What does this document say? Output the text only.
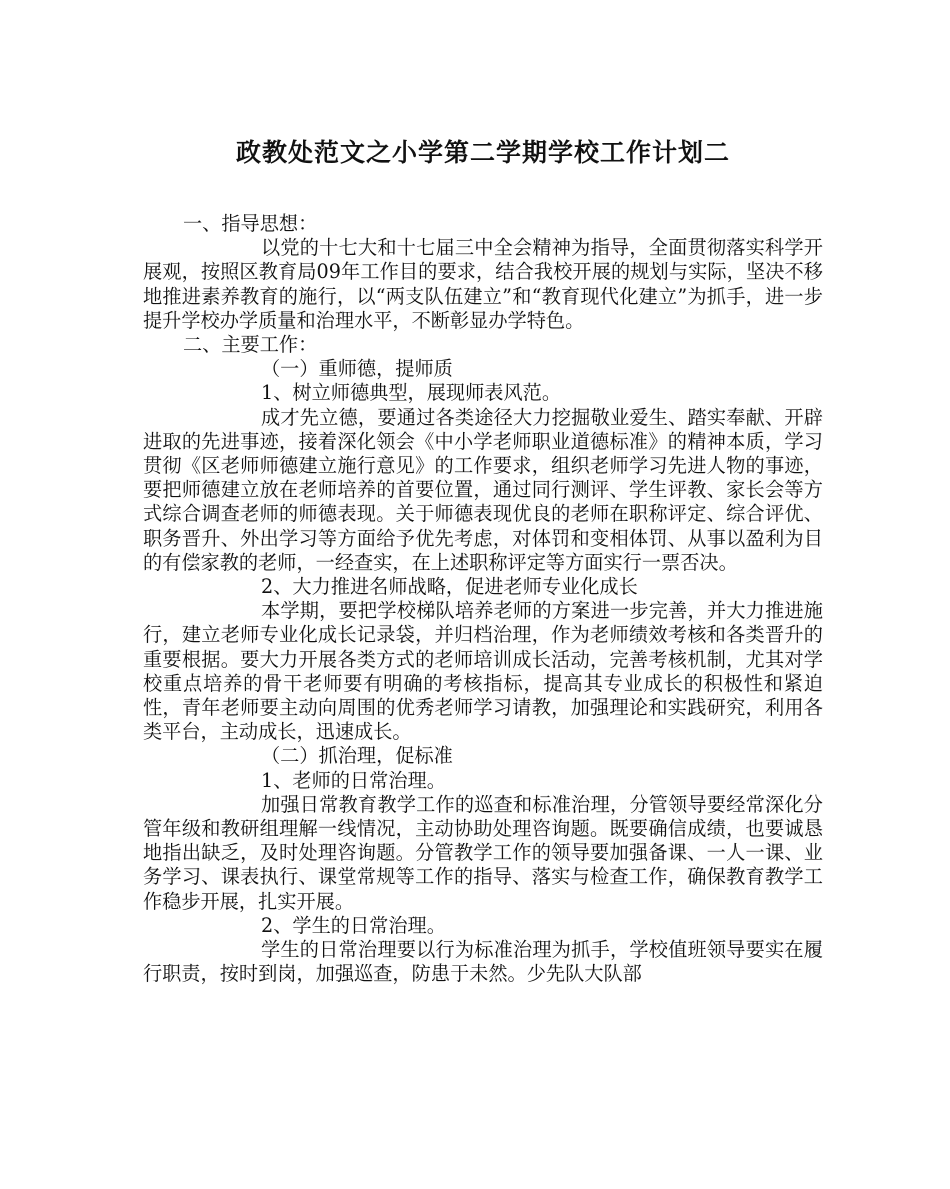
政教处范文之小学第二学期学校工作计划二

一、指导思想：

以党的十七大和十七届三中全会精神为指导，全面贯彻落实科学开展观，按照区教育局09年工作目的要求，结合我校开展的规划与实际，坚决不移地推进素养教育的施行，以“两支队伍建立”和“教育现代化建立”为抓手，进一步提升学校办学质量和治理水平，不断彰显办学特色。

二、主要工作：

（一）重师德，提师质

1、树立师德典型，展现师表风范。

成才先立德，要通过各类途径大力挖掘敬业爱生、踏实奉献、开辟进取的先进事迹，接着深化领会《中小学老师职业道德标准》的精神本质，学习贯彻《区老师师德建立施行意见》的工作要求，组织老师学习先进人物的事迹，要把师德建立放在老师培养的首要位置，通过同行测评、学生评教、家长会等方式综合调查老师的师德表现。关于师德表现优良的老师在职称评定、综合评优、职务晋升、外出学习等方面给予优先考虑，对体罚和变相体罚、从事以盈利为目的有偿家教的老师，一经查实，在上述职称评定等方面实行一票否决。

2、大力推进名师战略，促进老师专业化成长

本学期，要把学校梯队培养老师的方案进一步完善，并大力推进施行，建立老师专业化成长记录袋，并归档治理，作为老师绩效考核和各类晋升的重要根据。要大力开展各类方式的老师培训成长活动，完善考核机制，尤其对学校重点培养的骨干老师要有明确的考核指标，提高其专业成长的积极性和紧迫性，青年老师要主动向周围的优秀老师学习请教，加强理论和实践研究，利用各类平台，主动成长，迅速成长。

（二）抓治理，促标准

1、老师的日常治理。

加强日常教育教学工作的巡查和标准治理，分管领导要经常深化分管年级和教研组理解一线情况，主动协助处理咨询题。既要确信成绩，也要诚恳地指出缺乏，及时处理咨询题。分管教学工作的领导要加强备课、一人一课、业务学习、课表执行、课堂常规等工作的指导、落实与检查工作，确保教育教学工作稳步开展，扎实开展。

2、学生的日常治理。

学生的日常治理要以行为标准治理为抓手，学校值班领导要实在履行职责，按时到岗，加强巡查，防患于未然。少先队大队部
